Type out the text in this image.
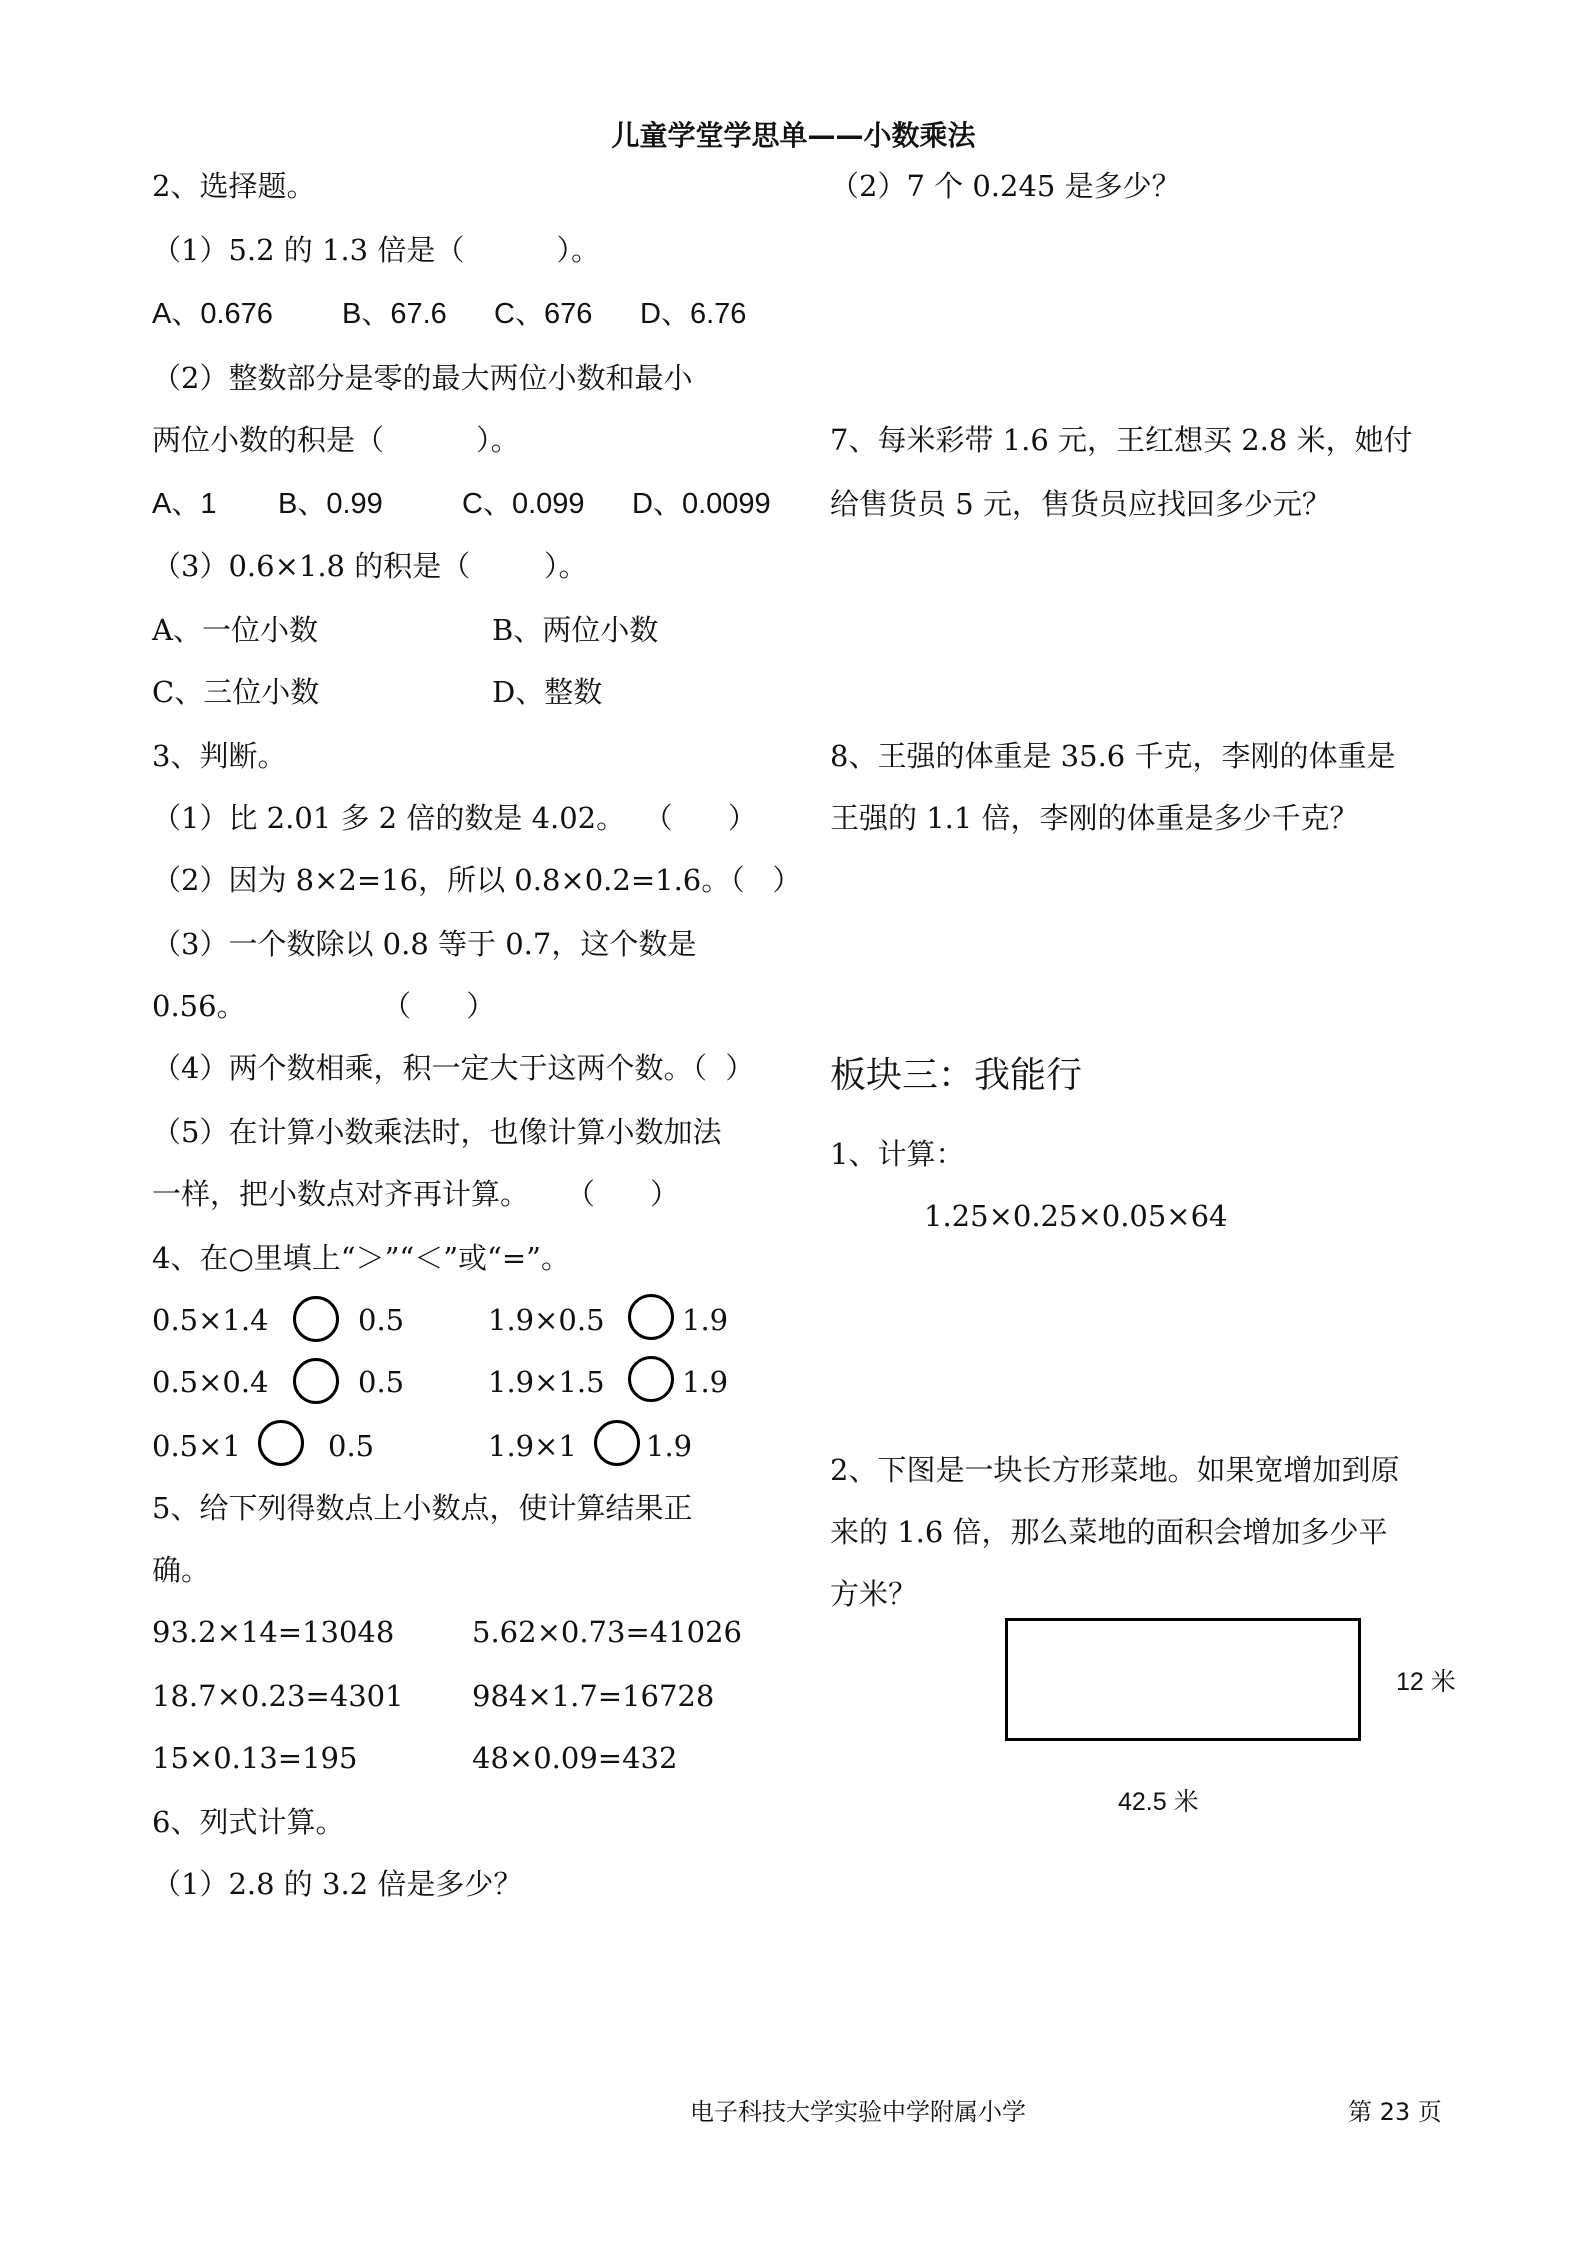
儿童学堂学思单——小数乘法
2、选择题。
（1）5.2 的 1.3 倍是（          ）。
A、0.676 B、67.6 C、676 D、6.76
（2）整数部分是零的最大两位小数和最小
两位小数的积是（          ）。
A、1 B、0.99	C、0.099 D、0.0099
（3）0.6×1.8 的积是（        ）。
A、一位小数	B、两位小数
C、三位小数	D、整数
3、判断。
（1）比 2.01 多 2 倍的数是 4.02。  （      ）
（2）因为 8×2=16，所以 0.8×0.2=1.6。（   ）
（3）一个数除以 0.8 等于 0.7，这个数是
0.56。	（      ）
（4）两个数相乘，积一定大于这两个数。（  ）
（5）在计算小数乘法时，也像计算小数加法
一样，把小数点对齐再计算。    （      ）
4、在○里填上“＞”“＜”或“=”。
0.5×1.4	0.5	1.9×0.5	1.9
0.5×0.4	0.5	1.9×1.5	1.9
0.5×1	0.5	1.9×1 1.9
5、给下列得数点上小数点，使计算结果正
确。
93.2×14=13048	5.62×0.73=41026
18.7×0.23=4301 984×1.7=16728
15×0.13=195	48×0.09=432
6、列式计算。
（1）2.8 的 3.2 倍是多少？
（2）7 个 0.245 是多少？
7、每米彩带 1.6 元，王红想买 2.8 米，她付
给售货员 5 元，售货员应找回多少元？
8、王强的体重是 35.6 千克，李刚的体重是
王强的 1.1 倍，李刚的体重是多少千克？
板块三：我能行
1、计算：
1.25×0.25×0.05×64
2、下图是一块长方形菜地。如果宽增加到原
来的 1.6 倍，那么菜地的面积会增加多少平
方米？
12 米
42.5 米
电子科技大学实验中学附属小学	第 23 页
